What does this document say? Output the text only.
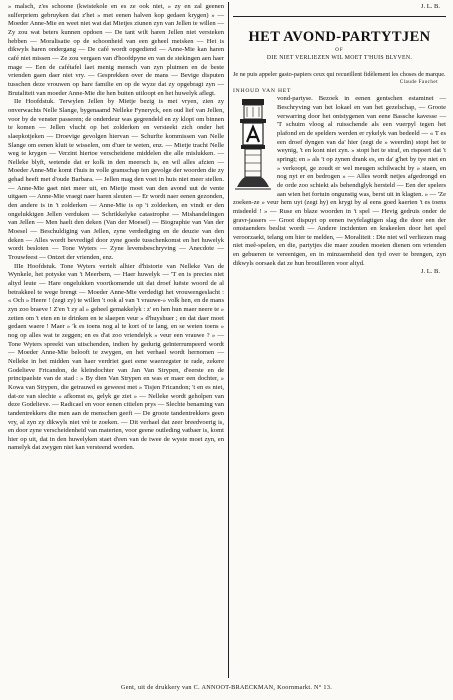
» malsch, z'es schoone (kwistekole en es ze ook niet, » zy en zal geenen sulferpriem gebruyken dat z'het » met eenen halven kop gedaen krygen) » — Moeder Anne-Mie en weet niet wat dat Mietjes ziunen zyn van Jellen te willen — Zy zou wat beters kunnen opdoen — De tant wilt haren Jellen niet versteken hebben — Moralisatie op de schoonheid van een geheel meisken — Het is dikwyls haren ondergang — De café wordt opgediend — Anne-Mie kan haren café niet missen — Ze zou vergaen van d'hoofdpyne en van de stekingen aen haer mage — Een de cafétafel laet menig mensch van zyn pluimen en de beste vrienden gaen daer niet vry. — Gesprekken over de mans — Bevige disputen tusschen deze vrouwen op hare familie en op de wyze dat zy opgebragt zyn — Brutaliteit van moeder Anne-Mie die hen buiten uitloopt en het huwelyk aflegt.

IIe Hoofdstuk. Terwylen Jellen by Mietje bezig is met vryen, zien zy onverwachts Nelle Slange, bygenaamd Nelleke Fyneryck, een oud lief van Jellen, voor by de venster passeren; de onderdeur was gegrendeld en zy klopt om binnen te komen — Jellen vlucht op het zolderken en versteekt zich onder het slaepkotjeken — Droevige gevolgen hiervan — Schurfte kommissen van Nelle Slange om eenen kluit te wisselen, om d'uer te weten, enz. — Mietje tracht Nelle weg te krygen — Verzint hiertoe verscheidene middelen die alle mislukken. — Nelleke blyft, wetende dat er kolk in den meersch is, en wil alles afzien — Moeder Anne-Mie komt t'huis in volle gramschap ten gevolge der woorden die zy gehad heeft met d'oude Barbara. — Jellen mag den voet in huis niet meer stellen. — Anne-Mie gaet niet meer uit, en Mietje moet van den avond uut de vente uitgaen — Anne-Mie vraegt naer haren sleuten — Er wordt naer eenen gezonden, den andere is in 't zolderken — Anne-Mie is op 't zolderken, en vindt er den ongelukkigen Jellen verduken — Schrikkelyke catastrophe — Mishandelingen van Jellen — Men haelt den deken (Van der Moesel) — Biographie van Van der Moesel — Beschuldiging van Jellen, zyne verdediging en de deuzie van den deken — Alles wordt bevredigd door zyne goede tusschenkomst en het huwelyk wordt besloten — Tone Wyters — Zyne levensbeschryving — Anecdote — Trouwfeest — Ontzet der vrienden, enz.

IIIe Hoofdstuk. Tone Wyters vertelt alhier d'historie van Nelleke Van de Wynkele, het potyske van 't Meerbem, — Haer huwelyk — 'T en is precies niet altyd leute — Hare ongelukken voortkomende uit dat droef luëste woord de al betrakkeel te wege brengt — Moeder Anne-Mie verdedigt het vrouwengeslacht : « Och » Heere ! (zegt zy) te willen 't ook al van 't vrauwe-» volk hen, en de mans zyn zoo braeve ! Z'en 't zy al » geheel gemakkelyk : z' en hen hun maer neere te » zetten om 't eten en te drinken en te slaepen veur » d'huyshuer ; en dat daer moet gedaen waere ! Maer » 'k es toens nog al te kort of te lang, en se weten toens » nog op alles wat te zeggen; en es d'at zoo vriendelyk » veur een vrauwe ? » — Tone Wyters spreekt van uitschenden, indien hy gedurig geïnterrumpeerd wordt — Moeder Anne-Mie belooft te zwygen, en het verhael wordt hernomen — Nelleke in het midden van haer verdriet gaet eene waerzegster te rade, zekere Godelieve Fricandon, de kleindochter van Jan Van Strypen, d'eerste en de principaelste van de stad : » By dien Van Strypen en was er maer een dochter, » Kowa van Strypen, die getrauwd es geweest met » Tisjen Fricandon; 't en es niet, dat-ze van slechte » afkomst es, gelyk ge ziet » — Nelleke wordt geholpen van deze Godelieve. — Radicael en voor eenen citielen prys — Slechte benaming van tandentrekkers die men aan de menschen geeft — De groote tandentrekkers geen vry, al zyn zy dikwyls niet vrè te zoeken. — Dit verhael dat zeer breedvoerig is, en door zyne verscheidenheid van materien, voor geene outleding vatbaer is, komt hier op uit, dat in den huwelyken staet d'een van de twee de wyste moet zyn, en namelyk dat zwygen niet kan versteend worden.

J. L. B.

HET AVOND-PARTYTJEN
OF
DIE NIET VERLIEZEN WIL MOET T'HUIS BLYVEN.

Je ne puis appeler gasto-papiers ceux qui recueillent fidèlement les choses de marque.

Claude Fauchet

INHOUD VAN HET

vond-partyse. Bezoek in eenen gentschen estaminet — Beschryving van het lokael en van het gezelschap, — Groote verwarring door het ontstygenen van eene Bassche kavesse — 'T schuim vloog al ruisschende als een vuerpyl tegen het plafond en de spelders werden er rykelyk van bedeeld — « T es een droef dyngen van da' hier (zegt de » weerdin) stopt het te weynig, 't en kont niet zyn. » stopt het te straf, en rispoert dat 't springt; en » als 't op zynen drank es, en da' g'het by tye niet en » verkoopt, ge zoudt er wel meugen schilwacht by » staen, en nog nyt er en bedrogen » — Alles wordt netjes afgedrongd en de orde zoo schiekt als behendiglyk hersteld — Een der spelers aan wien het fortuin ongunstig was, berst uit in klagten. » — 'Ze zoeken-ze » veur hem uyt (zegt hy) en krygt by al eens goed kaerten 't es toens misdeeld ! » — Ruse en blaze woorden in 't spel — Hevig gedruis onder de gravr-jassers — Groot dispuyt op eenen twyfelagtigen slag die door een der omstaenders beslist wordt — Andere incidenten en krakeelen door het spel veroorzaekt, telang om hier te melden, — Moraliteit : Die niet wil verliezen mag niet meê-spelen, en die, partytjes die maer zouden moeten dienen om vrienden en gebueren te vereenigen, en in minzaemheid den tyd over te brengen, zyn dikwyls oorsaek dat ze hun brouilleren voor altyd.

J. L. B.

Gent, uit de drukkery van C. ANNOOT-BRAECKMAN, Koornmarkt. N° 13.
